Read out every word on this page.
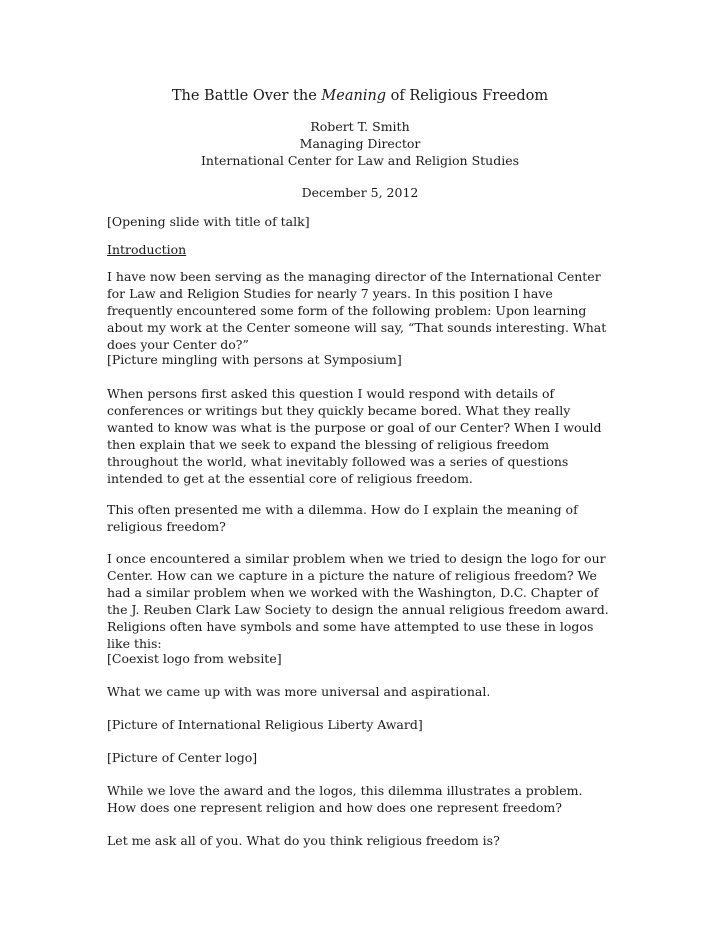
The Battle Over the Meaning of Religious Freedom
Robert T. Smith
Managing Director
International Center for Law and Religion Studies
December 5, 2012

[Opening slide with title of talk]

Introduction

I have now been serving as the managing director of the International Center for Law and Religion Studies for nearly 7 years. In this position I have frequently encountered some form of the following problem: Upon learning about my work at the Center someone will say, “That sounds interesting. What does your Center do?”

[Picture mingling with persons at Symposium]

When persons first asked this question I would respond with details of conferences or writings but they quickly became bored. What they really wanted to know was what is the purpose or goal of our Center? When I would then explain that we seek to expand the blessing of religious freedom throughout the world, what inevitably followed was a series of questions intended to get at the essential core of religious freedom.

This often presented me with a dilemma. How do I explain the meaning of religious freedom?

I once encountered a similar problem when we tried to design the logo for our Center. How can we capture in a picture the nature of religious freedom? We had a similar problem when we worked with the Washington, D.C. Chapter of the J. Reuben Clark Law Society to design the annual religious freedom award. Religions often have symbols and some have attempted to use these in logos like this:

[Coexist logo from website]

What we came up with was more universal and aspirational.

[Picture of International Religious Liberty Award]

[Picture of Center logo]

While we love the award and the logos, this dilemma illustrates a problem. How does one represent religion and how does one represent freedom?

Let me ask all of you. What do you think religious freedom is?
